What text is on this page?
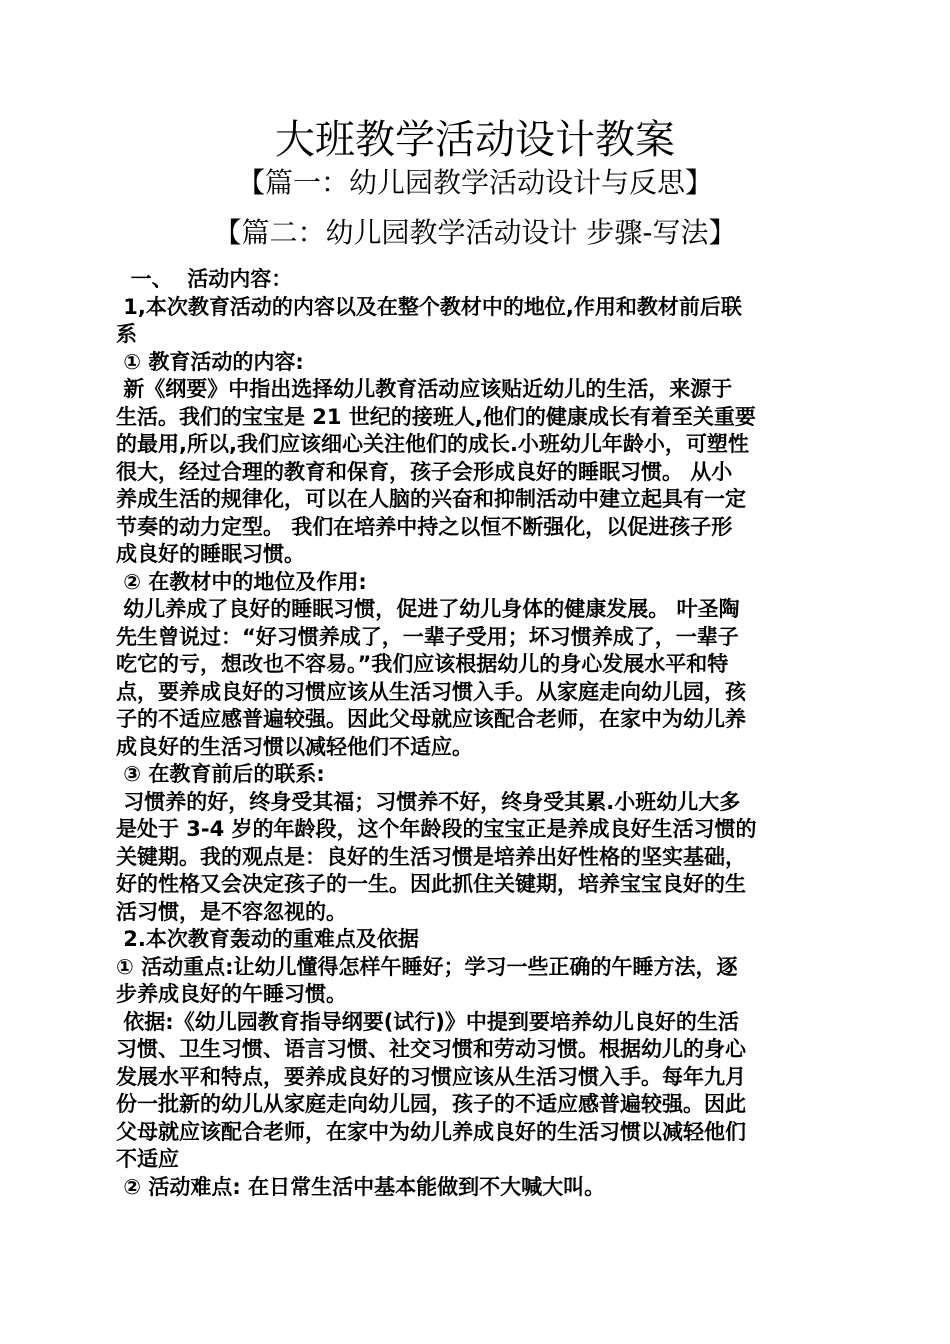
大班教学活动设计教案
【篇一：幼儿园教学活动设计与反思】
【篇二：幼儿园教学活动设计 步骤-写法】
一、  活动内容：
1,本次教育活动的内容以及在整个教材中的地位,作用和教材前后联
系
① 教育活动的内容:
新《纲要》中指出选择幼儿教育活动应该贴近幼儿的生活，来源于
生活。我们的宝宝是 21 世纪的接班人,他们的健康成长有着至关重要
的最用,所以,我们应该细心关注他们的成长.小班幼儿年龄小，可塑性
很大，经过合理的教育和保育，孩子会形成良好的睡眠习惯。 从小
养成生活的规律化，可以在人脑的兴奋和抑制活动中建立起具有一定
节奏的动力定型。 我们在培养中持之以恒不断强化，以促进孩子形
成良好的睡眠习惯。
② 在教材中的地位及作用:
幼儿养成了良好的睡眠习惯，促进了幼儿身体的健康发展。 叶圣陶
先生曾说过：“好习惯养成了，一辈子受用；坏习惯养成了，一辈子
吃它的亏，想改也不容易。”我们应该根据幼儿的身心发展水平和特
点，要养成良好的习惯应该从生活习惯入手。从家庭走向幼儿园，孩
子的不适应感普遍较强。因此父母就应该配合老师，在家中为幼儿养
成良好的生活习惯以减轻他们不适应。
③ 在教育前后的联系:
习惯养的好，终身受其福；习惯养不好，终身受其累.小班幼儿大多
是处于 3-4 岁的年龄段，这个年龄段的宝宝正是养成良好生活习惯的
关键期。我的观点是：良好的生活习惯是培养出好性格的坚实基础，
好的性格又会决定孩子的一生。因此抓住关键期，培养宝宝良好的生
活习惯，是不容忽视的。
2.本次教育轰动的重难点及依据
① 活动重点:让幼儿懂得怎样午睡好；学习一些正确的午睡方法，逐
步养成良好的午睡习惯。
依据:《幼儿园教育指导纲要(试行)》中提到要培养幼儿良好的生活
习惯、卫生习惯、语言习惯、社交习惯和劳动习惯。根据幼儿的身心
发展水平和特点，要养成良好的习惯应该从生活习惯入手。每年九月
份一批新的幼儿从家庭走向幼儿园，孩子的不适应感普遍较强。因此
父母就应该配合老师，在家中为幼儿养成良好的生活习惯以减轻他们
不适应
② 活动难点: 在日常生活中基本能做到不大喊大叫。
